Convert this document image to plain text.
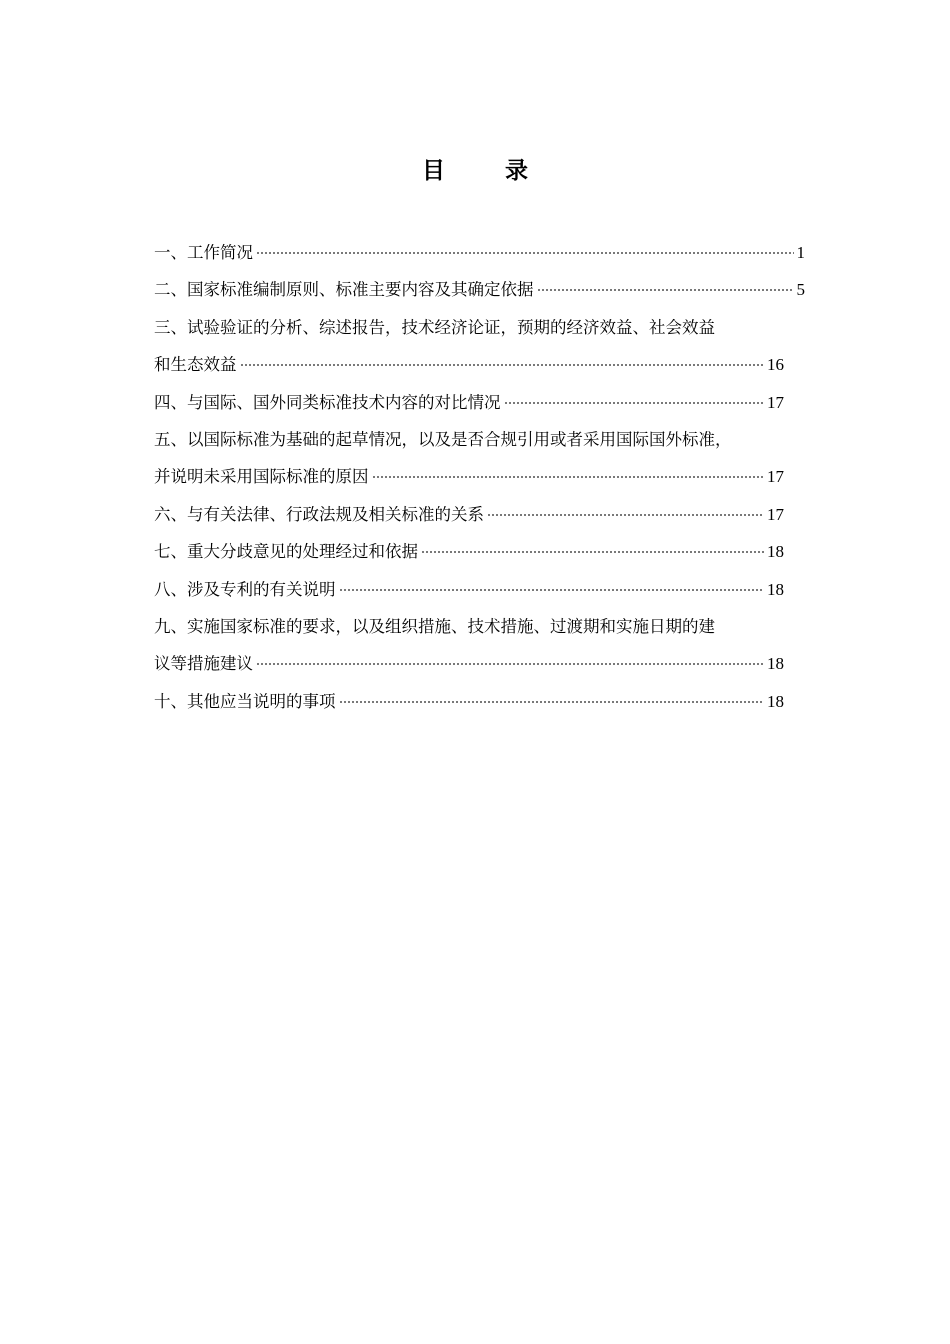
目 录
一、工作简况	1
二、国家标准编制原则、标准主要内容及其确定依据	5
三、试验验证的分析、综述报告，技术经济论证，预期的经济效益、社会效益
和生态效益	16
四、与国际、国外同类标准技术内容的对比情况	17
五、以国际标准为基础的起草情况，以及是否合规引用或者采用国际国外标准，
并说明未采用国际标准的原因	17
六、与有关法律、行政法规及相关标准的关系	17
七、重大分歧意见的处理经过和依据	18
八、涉及专利的有关说明	18
九、实施国家标准的要求，以及组织措施、技术措施、过渡期和实施日期的建
议等措施建议	18
十、其他应当说明的事项	18
